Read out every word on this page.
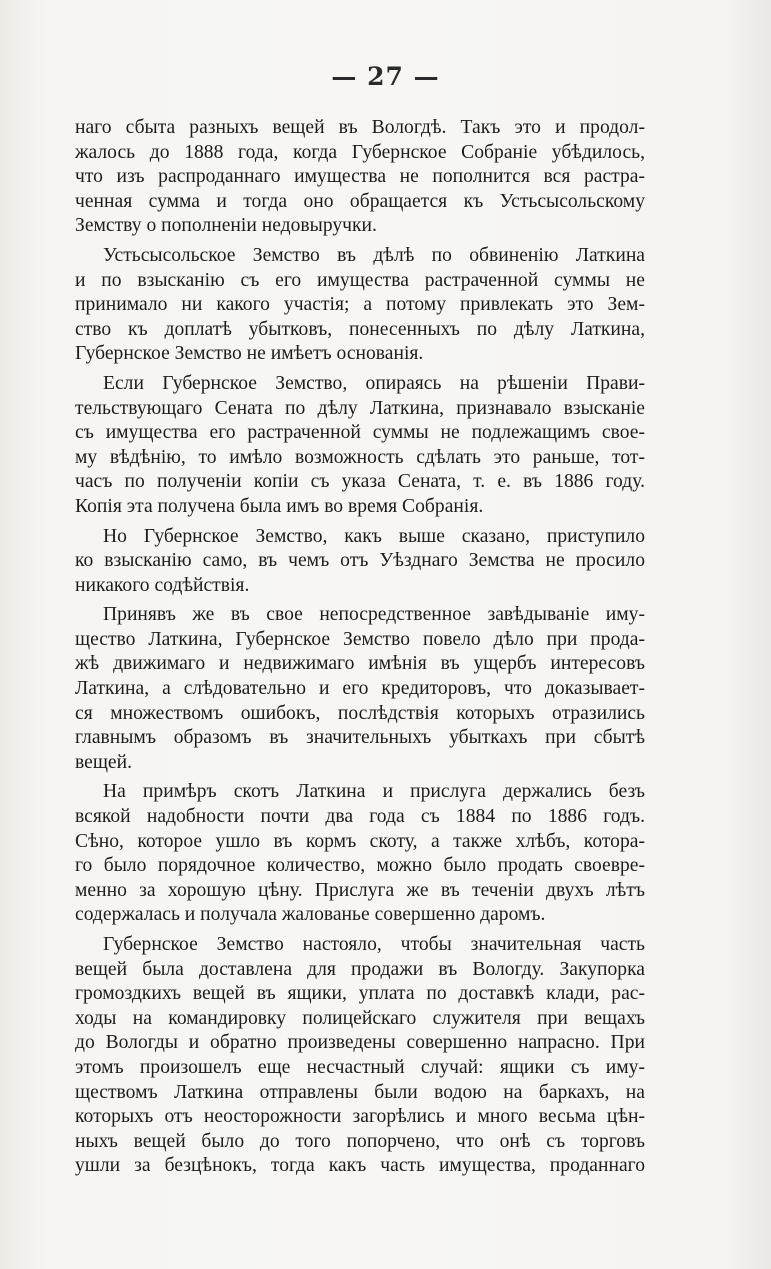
— 27 —
наго сбыта разныхъ вещей въ Вологдѣ. Такъ это и продол-
жалось до 1888 года, когда Губернское Собраніе убѣдилось,
что изъ распроданнаго имущества не пополнится вся растра-
ченная сумма и тогда оно обращается къ Устьсысольскому
Земству о пополненіи недовыручки.
Устьсысольское Земство въ дѣлѣ по обвиненію Латкина
и по взысканію съ его имущества растраченной суммы не
принимало ни какого участія; а потому привлекать это Зем-
ство къ доплатѣ убытковъ, понесенныхъ по дѣлу Латкина,
Губернское Земство не имѣетъ основанія.
Если Губернское Земство, опираясь на рѣшеніи Прави-
тельствующаго Сената по дѣлу Латкина, признавало взысканіе
съ имущества его растраченной суммы не подлежащимъ свое-
му вѣдѣнію, то имѣло возможность сдѣлать это раньше, тот-
часъ по полученіи копіи съ указа Сената, т. е. въ 1886 году.
Копія эта получена была имъ во время Собранія.
Но Губернское Земство, какъ выше сказано, приступило
ко взысканію само, въ чемъ отъ Уѣзднаго Земства не просило
никакого содѣйствія.
Принявъ же въ свое непосредственное завѣдываніе иму-
щество Латкина, Губернское Земство повело дѣло при прода-
жѣ движимаго и недвижимаго имѣнія въ ущербъ интересовъ
Латкина, а слѣдовательно и его кредиторовъ, что доказывает-
ся множествомъ ошибокъ, послѣдствія которыхъ отразились
главнымъ образомъ въ значительныхъ убыткахъ при сбытѣ
вещей.
На примѣръ скотъ Латкина и прислуга держались безъ
всякой надобности почти два года съ 1884 по 1886 годъ.
Сѣно, которое ушло въ кормъ скоту, а также хлѣбъ, котора-
го было порядочное количество, можно было продать своевре-
менно за хорошую цѣну. Прислуга же въ теченіи двухъ лѣтъ
содержалась и получала жалованье совершенно даромъ.
Губернское Земство настояло, чтобы значительная часть
вещей была доставлена для продажи въ Вологду. Закупорка
громоздкихъ вещей въ ящики, уплата по доставкѣ клади, рас-
ходы на командировку полицейскаго служителя при вещахъ
до Вологды и обратно произведены совершенно напрасно. При
этомъ произошелъ еще несчастный случай: ящики съ иму-
ществомъ Латкина отправлены были водою на баркахъ, на
которыхъ отъ неосторожности загорѣлись и много весьма цѣн-
ныхъ вещей было до того попорчено, что онѣ съ торговъ
ушли за безцѣнокъ, тогда какъ часть имущества, проданнаго
